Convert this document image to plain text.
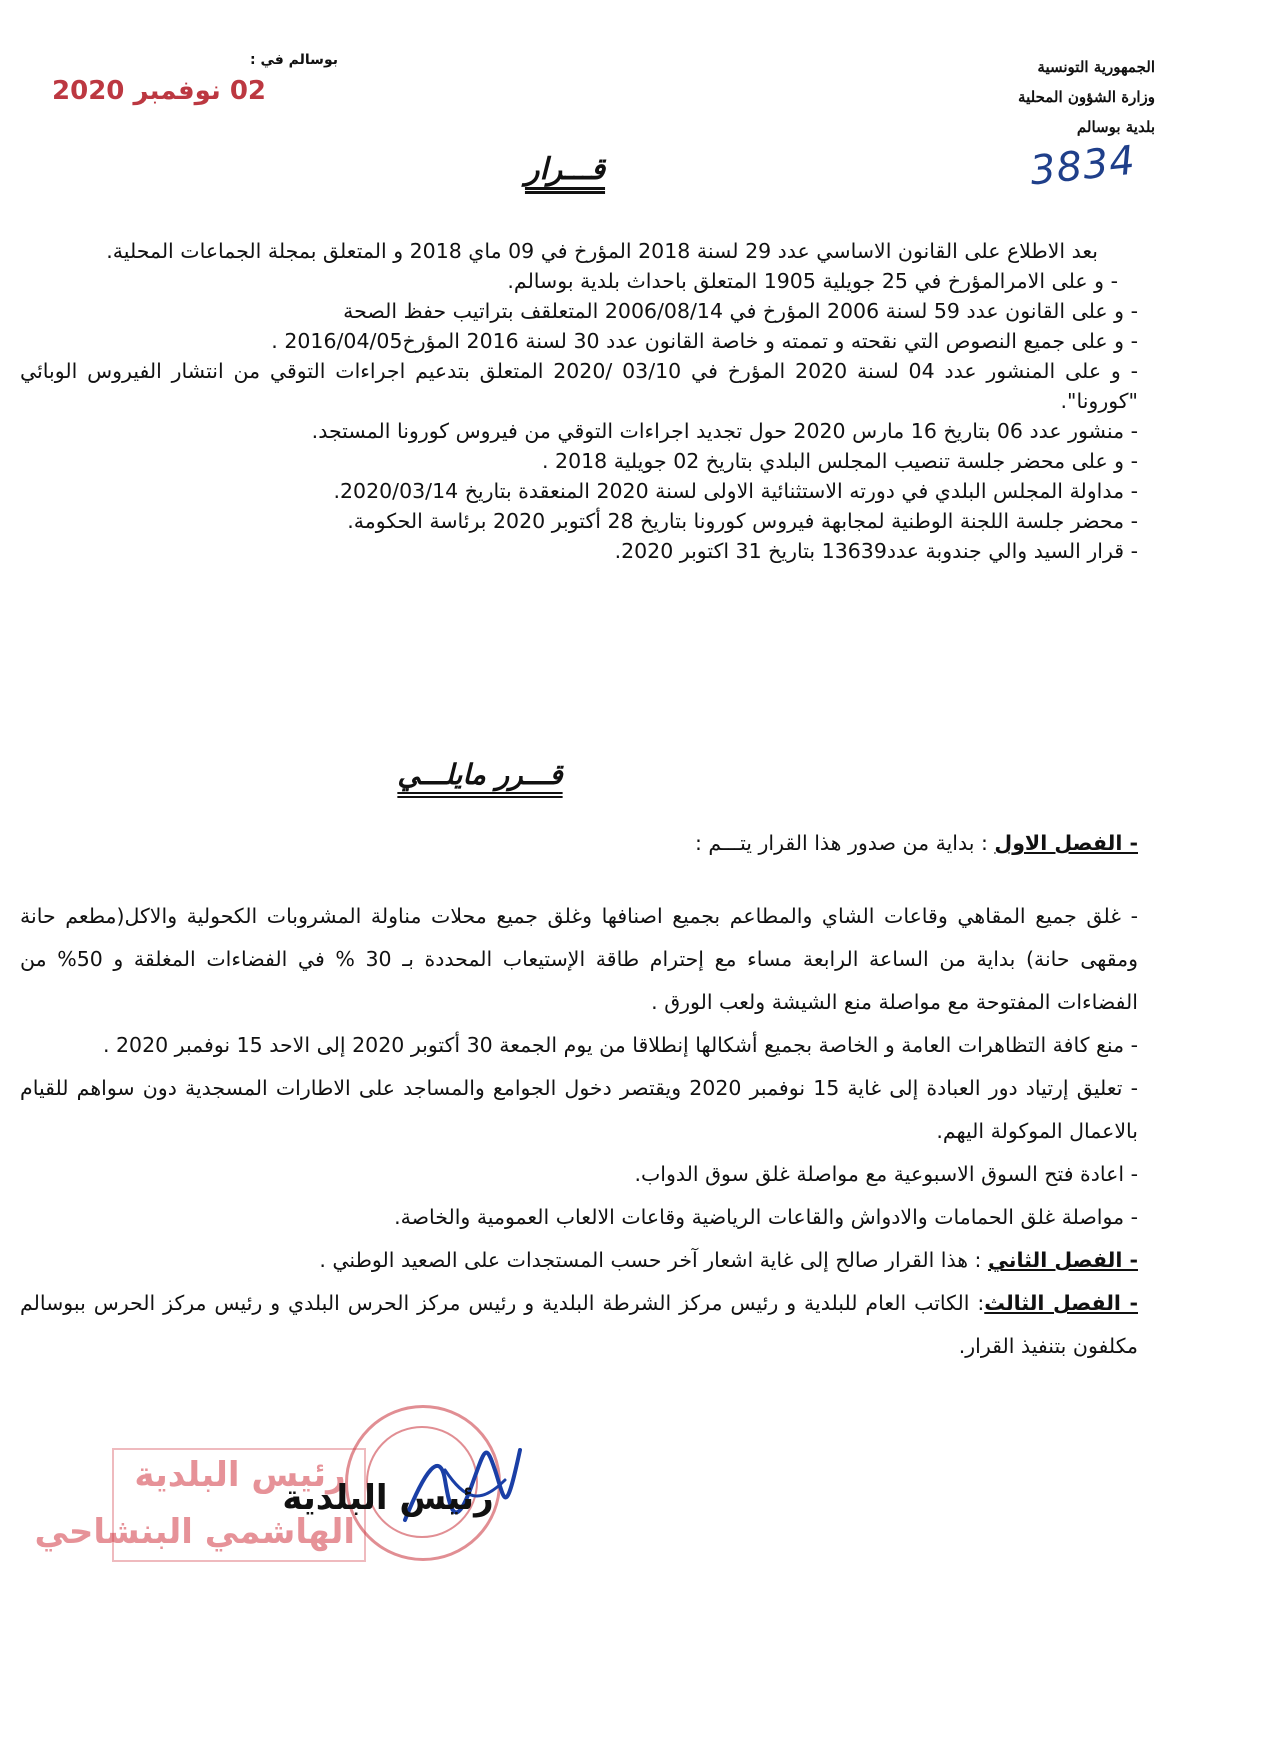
الجمهورية التونسية
وزارة الشؤون المحلية
بلدية بوسالم
3834
بوسالم في :
02 نوفمبر 2020
قـــرار

بعد الاطلاع على القانون الاساسي عدد 29 لسنة 2018 المؤرخ في 09 ماي 2018 و المتعلق بمجلة الجماعات المحلية.

- و على الامرالمؤرخ في 25 جويلية 1905 المتعلق باحداث بلدية بوسالم.

- و على القانون عدد 59 لسنة 2006 المؤرخ في 2006/08/14 المتعلقف بتراتيب حفظ الصحة

- و على جميع النصوص التي نقحته و تممته و خاصة القانون عدد 30 لسنة 2016 المؤرخ2016/04/05 .

- و على المنشور عدد 04 لسنة 2020 المؤرخ في 03/10 /2020 المتعلق بتدعيم اجراءات التوقي من انتشار الفيروس الوبائي "كورونا".

- منشور عدد 06 بتاريخ 16 مارس 2020 حول تجديد اجراءات التوقي من فيروس كورونا المستجد.

- و على محضر جلسة تنصيب المجلس البلدي بتاريخ 02 جويلية 2018 .

- مداولة المجلس البلدي في دورته الاستثنائية الاولى لسنة 2020 المنعقدة بتاريخ 2020/03/14.

- محضر جلسة اللجنة الوطنية لمجابهة فيروس كورونا بتاريخ 28 أكتوبر 2020 برئاسة الحكومة.

- قرار السيد والي جندوبة عدد13639 بتاريخ 31 اكتوبر 2020.

قـــرر مايلـــي

- الفصل الاول : بداية من صدور هذا القرار يتـــم :

- غلق جميع المقاهي وقاعات الشاي والمطاعم بجميع اصنافها وغلق جميع محلات مناولة المشروبات الكحولية والاكل(مطعم حانة ومقهى حانة) بداية من الساعة الرابعة مساء مع إحترام طاقة الإستيعاب المحددة بـ 30 % في الفضاءات المغلقة و 50% من الفضاءات المفتوحة مع مواصلة منع الشيشة ولعب الورق .

- منع كافة التظاهرات العامة و الخاصة بجميع أشكالها إنطلاقا من يوم الجمعة 30 أكتوبر 2020 إلى الاحد 15 نوفمبر 2020 .

- تعليق إرتياد دور العبادة إلى غاية 15 نوفمبر 2020 ويقتصر دخول الجوامع والمساجد على الاطارات المسجدية دون سواهم للقيام بالاعمال الموكولة اليهم.

- اعادة فتح السوق الاسبوعية مع مواصلة غلق سوق الدواب.

- مواصلة غلق الحمامات والادواش والقاعات الرياضية وقاعات الالعاب العمومية والخاصة.

- الفصل الثاني : هذا القرار صالح إلى غاية اشعار آخر حسب المستجدات على الصعيد الوطني .

- الفصل الثالث: الكاتب العام للبلدية و رئيس مركز الشرطة البلدية و رئيس مركز الحرس البلدي و رئيس مركز الحرس ببوسالم مكلفون بتنفيذ القرار.

رئيس البلدية
الهاشمي البنشاحي
رئيس البلدية
